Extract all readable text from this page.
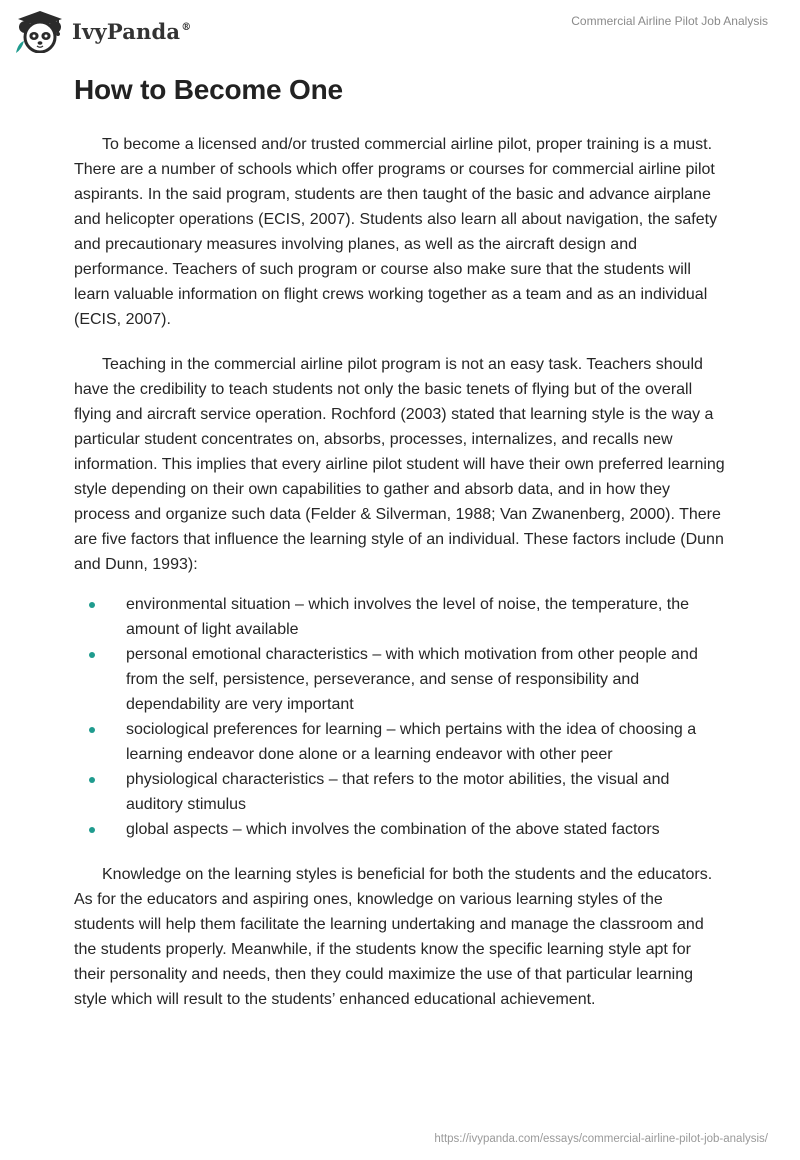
IvyPanda®	Commercial Airline Pilot Job Analysis
How to Become One

To become a licensed and/or trusted commercial airline pilot, proper training is a must. There are a number of schools which offer programs or courses for commercial airline pilot aspirants. In the said program, students are then taught of the basic and advance airplane and helicopter operations (ECIS, 2007). Students also learn all about navigation, the safety and precautionary measures involving planes, as well as the aircraft design and performance. Teachers of such program or course also make sure that the students will learn valuable information on flight crews working together as a team and as an individual (ECIS, 2007).

Teaching in the commercial airline pilot program is not an easy task. Teachers should have the credibility to teach students not only the basic tenets of flying but of the overall flying and aircraft service operation. Rochford (2003) stated that learning style is the way a particular student concentrates on, absorbs, processes, internalizes, and recalls new information. This implies that every airline pilot student will have their own preferred learning style depending on their own capabilities to gather and absorb data, and in how they process and organize such data (Felder & Silverman, 1988; Van Zwanenberg, 2000). There are five factors that influence the learning style of an individual. These factors include (Dunn and Dunn, 1993):

environmental situation – which involves the level of noise, the temperature, the amount of light available
personal emotional characteristics – with which motivation from other people and from the self, persistence, perseverance, and sense of responsibility and dependability are very important
sociological preferences for learning – which pertains with the idea of choosing a learning endeavor done alone or a learning endeavor with other peer
physiological characteristics – that refers to the motor abilities, the visual and auditory stimulus
global aspects – which involves the combination of the above stated factors

Knowledge on the learning styles is beneficial for both the students and the educators. As for the educators and aspiring ones, knowledge on various learning styles of the students will help them facilitate the learning undertaking and manage the classroom and the students properly. Meanwhile, if the students know the specific learning style apt for their personality and needs, then they could maximize the use of that particular learning style which will result to the students’ enhanced educational achievement.

https://ivypanda.com/essays/commercial-airline-pilot-job-analysis/
